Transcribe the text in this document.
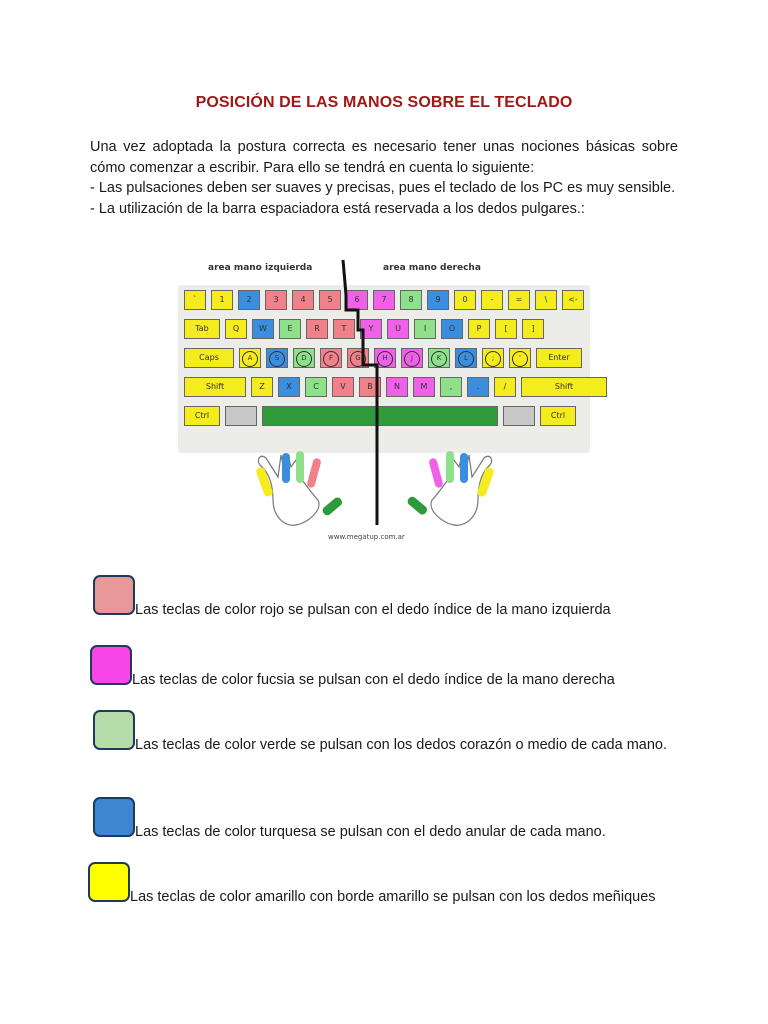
POSICIÓN DE LAS MANOS SOBRE EL TECLADO

Una vez adoptada la postura correcta es necesario tener unas nociones básicas sobre cómo comenzar a escribir. Para ello se tendrá en cuenta lo siguiente:

- Las pulsaciones deben ser suaves y precisas, pues el teclado de los PC es muy sensible.

- La utilización de la barra espaciadora está reservada a los dedos pulgares.:

area mano izquierda	area mano derecha
`	1	2	3	4	5	6	7	8	9	0	-	=	\	<-
Tab	Q	W	E	R	T	Y	U	I	O	P	[	]
Caps	A	S	D	F	G	H	J	K	L	;	'	Enter
Shift	Z	X	C	V	B	N	M	,	.	/	Shift
Ctrl	Ctrl
www.megatup.com.ar
Las teclas de color rojo se pulsan con el dedo índice de la mano izquierda
Las teclas de color fucsia se pulsan con el dedo índice de la mano derecha
Las teclas de color verde se pulsan con los dedos corazón o medio de cada mano.
Las teclas de color turquesa se pulsan con el dedo anular de cada mano.
Las teclas de color amarillo con borde amarillo se pulsan con los dedos meñiques
